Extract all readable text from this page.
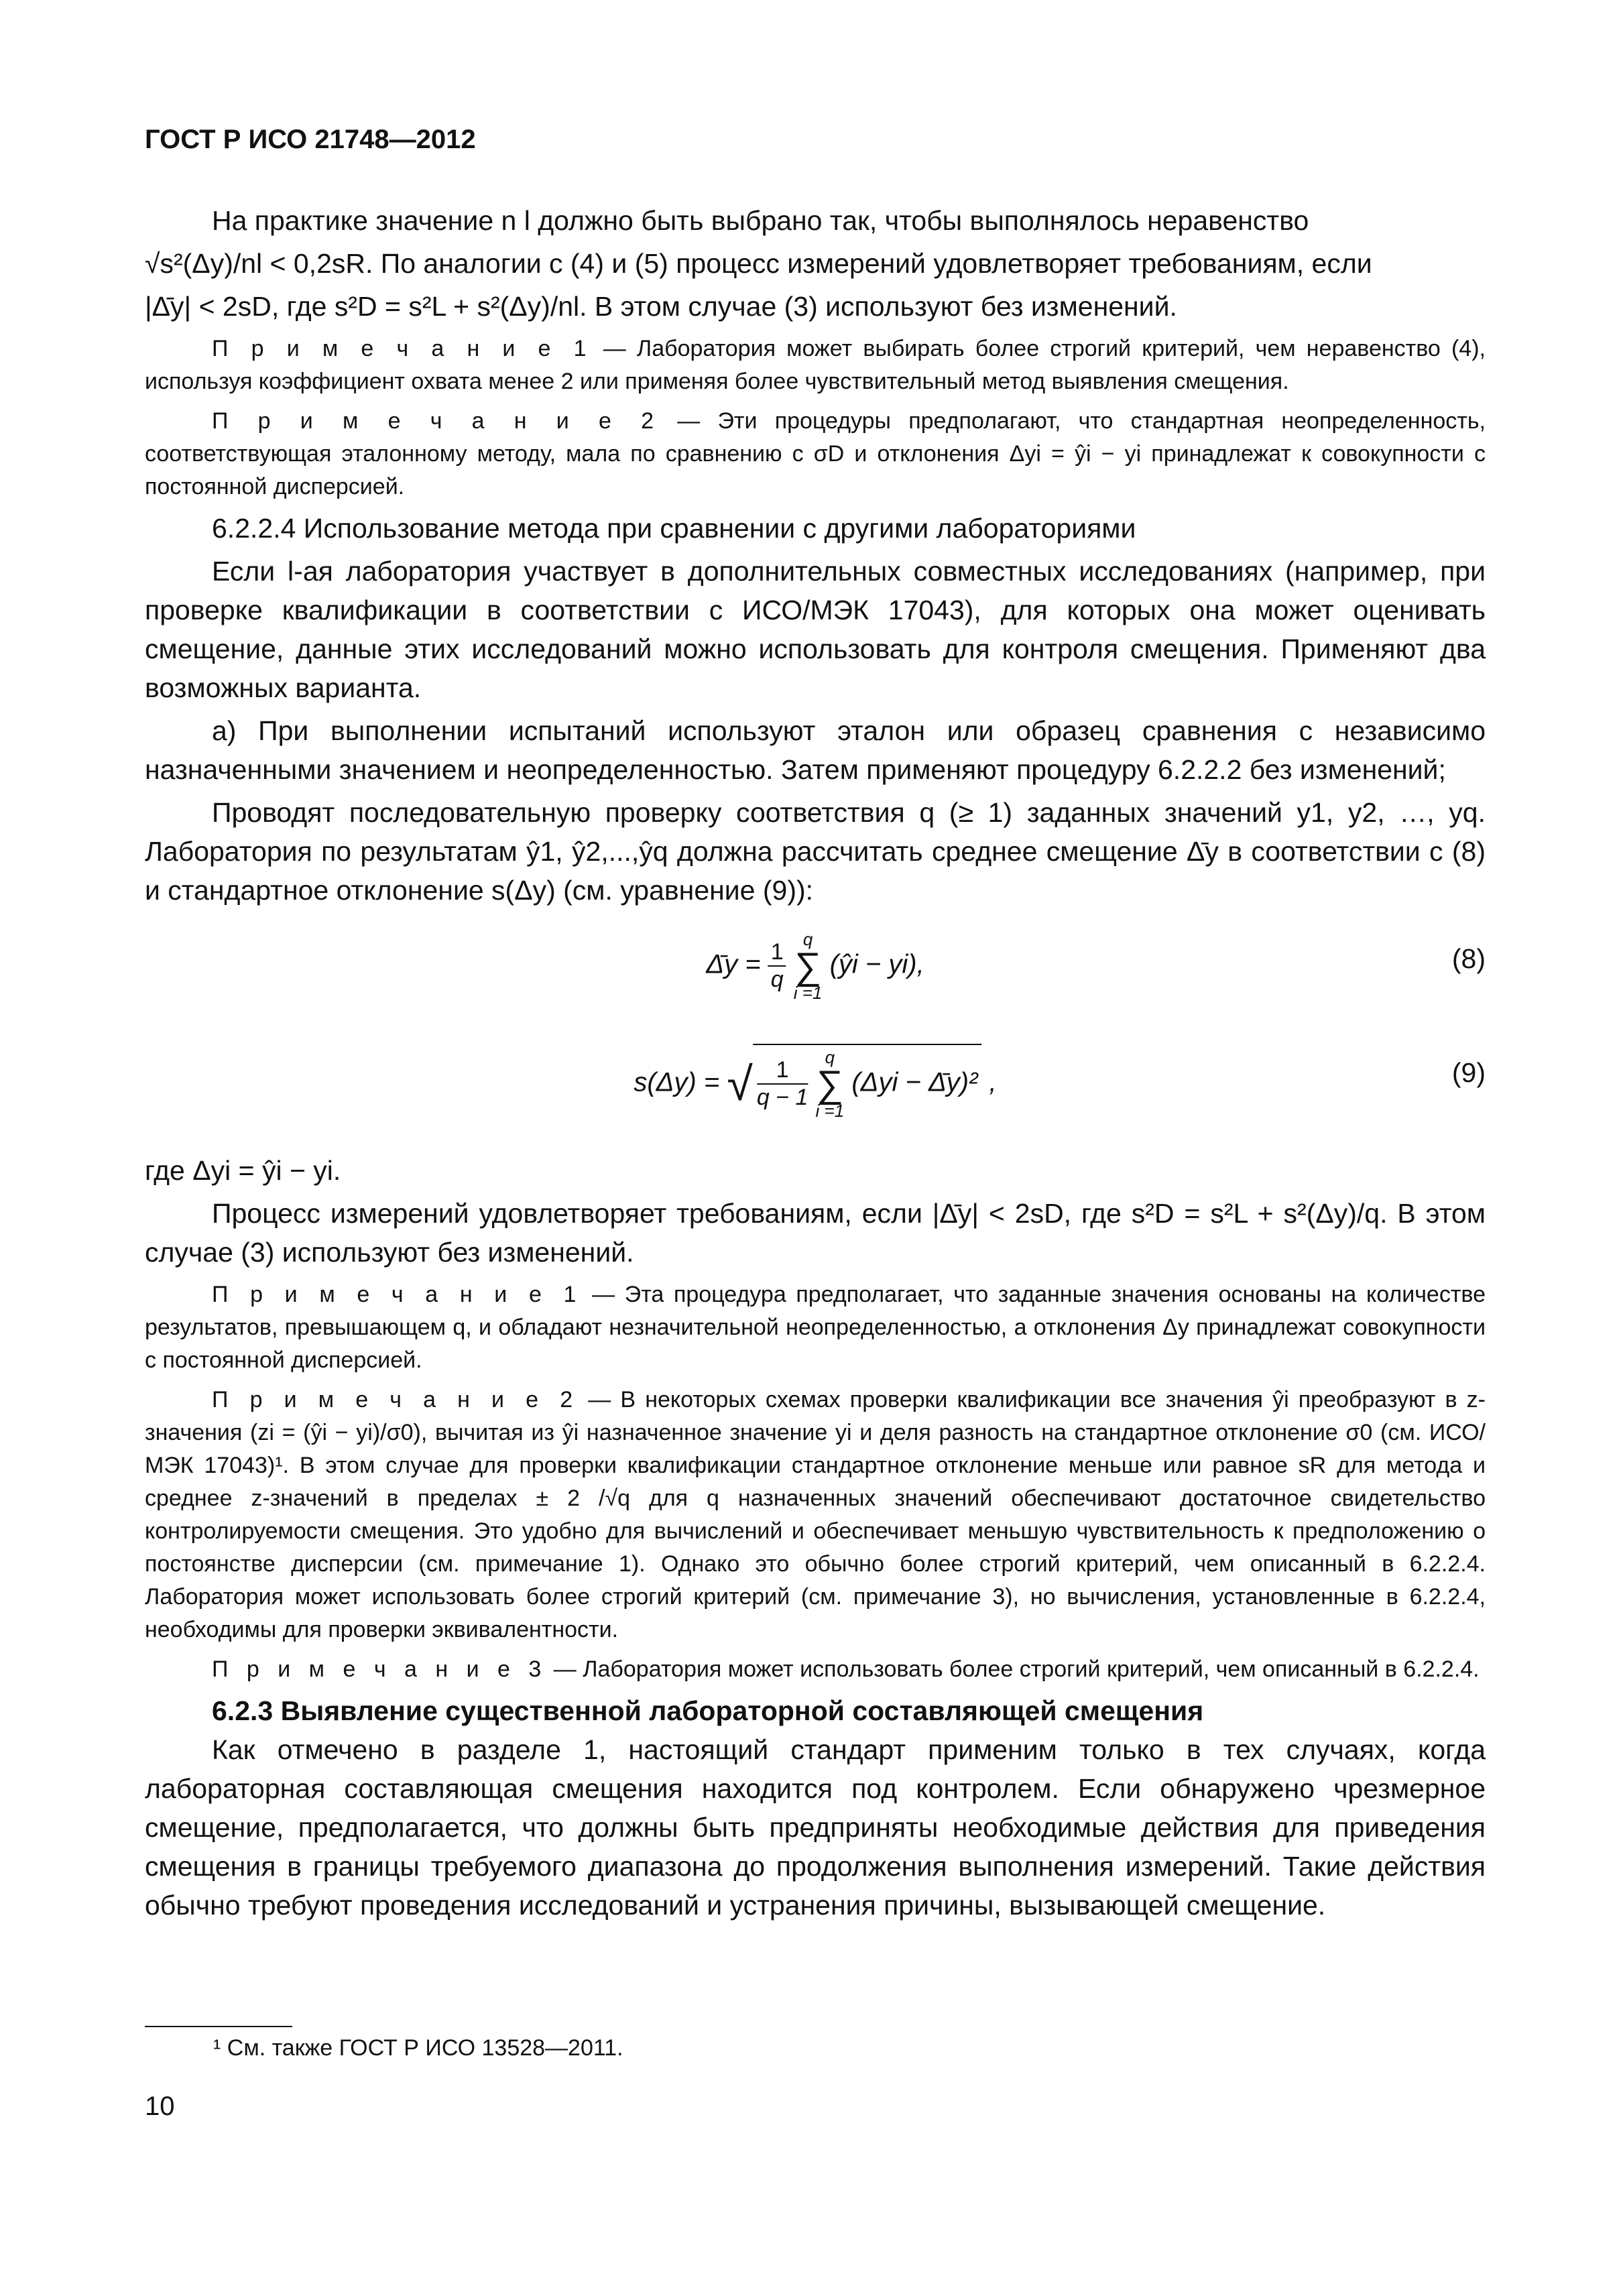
ГОСТ Р ИСО 21748—2012

На практике значение n l должно быть выбрано так, чтобы выполнялось неравенство

√s²(Δy)/nl < 0,2sR. По аналогии с (4) и (5) процесс измерений удовлетворяет требованиям, если

|Δ̄y| < 2sD, где s²D = s²L + s²(Δy)/nl. В этом случае (3) используют без изменений.

П р и м е ч а н и е 1 — Лаборатория может выбирать более строгий критерий, чем неравенство (4), используя коэффициент охвата менее 2 или применяя более чувствительный метод выявления смещения.

П р и м е ч а н и е 2 — Эти процедуры предполагают, что стандартная неопределенность, соответствующая эталонному методу, мала по сравнению с σD и отклонения Δyi = ŷi − yi принадлежат к совокупности с постоянной дисперсией.

6.2.2.4 Использование метода при сравнении с другими лабораториями

Если l-ая лаборатория участвует в дополнительных совместных исследованиях (например, при проверке квалификации в соответствии с ИСО/МЭК 17043), для которых она может оценивать смещение, данные этих исследований можно использовать для контроля смещения. Применяют два возможных варианта.

а) При выполнении испытаний используют эталон или образец сравнения с независимо назначенными значением и неопределенностью. Затем применяют процедуру 6.2.2.2 без изменений;

Проводят последовательную проверку соответствия q (≥ 1) заданных значений y1, y2, …, yq. Лаборатория по результатам ŷ1, ŷ2,...,ŷq должна рассчитать среднее смещение Δ̄y в соответствии с (8) и стандартное отклонение s(Δy) (см. уравнение (9)):

Δ̄y = $\frac{1}{q}$
q
∑
i =1
(ŷi − yi),	(8)
s(Δy) = √ $\frac{1}{q - 1}$
q
∑
i =1
(Δyi − Δ̄y)² ,	(9)

где Δyi = ŷi − yi.

Процесс измерений удовлетворяет требованиям, если |Δ̄y| < 2sD, где s²D = s²L + s²(Δy)/q. В этом случае (3) используют без изменений.

П р и м е ч а н и е 1 — Эта процедура предполагает, что заданные значения основаны на количестве результатов, превышающем q, и обладают незначительной неопределенностью, а отклонения Δy принадлежат совокупности с постоянной дисперсией.

П р и м е ч а н и е 2 — В некоторых схемах проверки квалификации все значения ŷi преобразуют в z-значения (zi = (ŷi − yi)/σ0), вычитая из ŷi назначенное значение yi и деля разность на стандартное отклонение σ0 (см. ИСО/МЭК 17043)¹. В этом случае для проверки квалификации стандартное отклонение меньше или равное sR для метода и среднее z-значений в пределах ± 2 /√q для q назначенных значений обеспечивают достаточное свидетельство контролируемости смещения. Это удобно для вычислений и обеспечивает меньшую чувствительность к предположению о постоянстве дисперсии (см. примечание 1). Однако это обычно более строгий критерий, чем описанный в 6.2.2.4. Лаборатория может использовать более строгий критерий (см. примечание 3), но вычисления, установленные в 6.2.2.4, необходимы для проверки эквивалентности.

П р и м е ч а н и е 3 — Лаборатория может использовать более строгий критерий, чем описанный в 6.2.2.4.

6.2.3 Выявление существенной лабораторной составляющей смещения

Как отмечено в разделе 1, настоящий стандарт применим только в тех случаях, когда лабораторная составляющая смещения находится под контролем. Если обнаружено чрезмерное смещение, предполагается, что должны быть предприняты необходимые действия для приведения смещения в границы требуемого диапазона до продолжения выполнения измерений. Такие действия обычно требуют проведения исследований и устранения причины, вызывающей смещение.

¹ См. также ГОСТ Р ИСО 13528—2011.
10
